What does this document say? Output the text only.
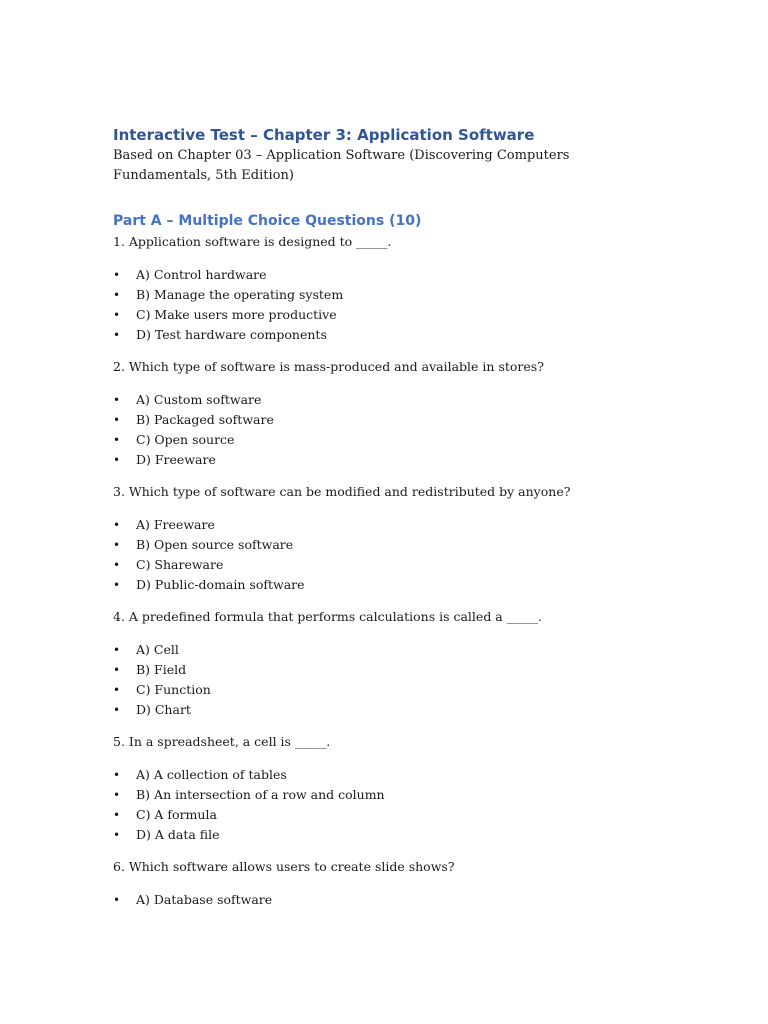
Interactive Test – Chapter 3: Application Software

Based on Chapter 03 – Application Software (Discovering Computers Fundamentals, 5th Edition)

Part A – Multiple Choice Questions (10)

1. Application software is designed to _____.

• A) Control hardware
• B) Manage the operating system
• C) Make users more productive
• D) Test hardware components

2. Which type of software is mass-produced and available in stores?

• A) Custom software
• B) Packaged software
• C) Open source
• D) Freeware

3. Which type of software can be modified and redistributed by anyone?

• A) Freeware
• B) Open source software
• C) Shareware
• D) Public-domain software

4. A predefined formula that performs calculations is called a _____.

• A) Cell
• B) Field
• C) Function
• D) Chart

5. In a spreadsheet, a cell is _____.

• A) A collection of tables
• B) An intersection of a row and column
• C) A formula
• D) A data file

6. Which software allows users to create slide shows?

• A) Database software
